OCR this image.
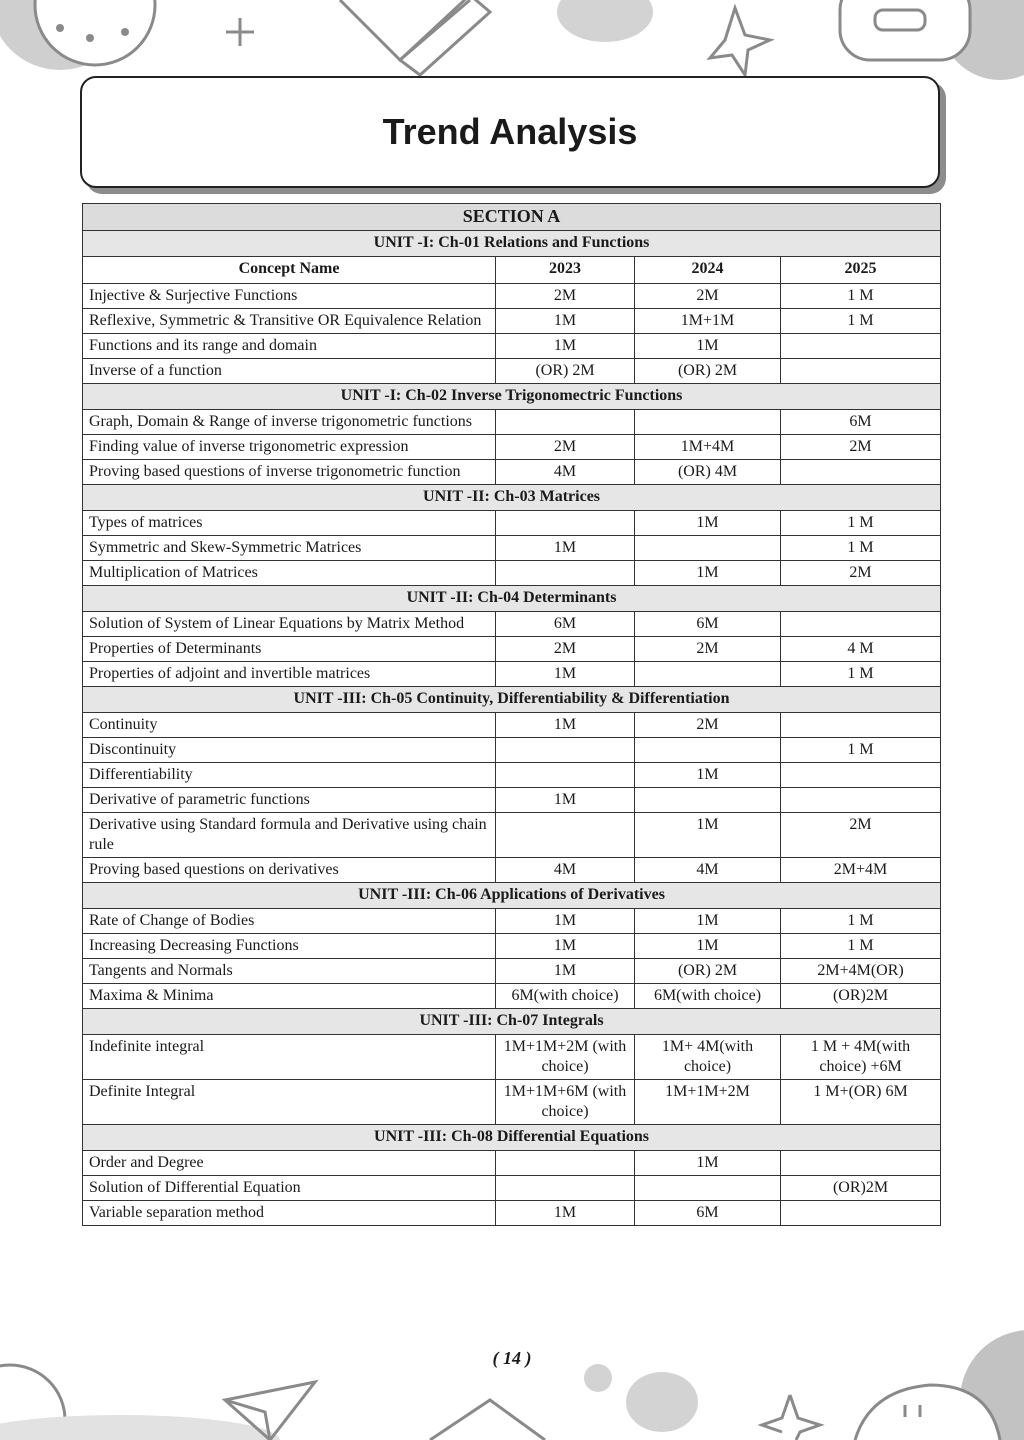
Trend Analysis
SECTION A			
UNIT -I: Ch-01 Relations and Functions			
Concept Name	2023	2024	2025
Injective & Surjective Functions	2M	2M	1 M
Reflexive, Symmetric & Transitive OR Equivalence Relation	1M	1M+1M	1 M
Functions and its range and domain	1M	1M	
Inverse of a function	(OR) 2M	(OR) 2M	
UNIT -I: Ch-02 Inverse Trigonomectric Functions			
Graph, Domain & Range of inverse trigonometric functions			6M
Finding value of inverse trigonometric expression	2M	1M+4M	2M
Proving based questions of inverse trigonometric function	4M	(OR) 4M	
UNIT -II: Ch-03 Matrices			
Types of matrices		1M	1 M
Symmetric and Skew-Symmetric Matrices	1M		1 M
Multiplication of Matrices		1M	2M
UNIT -II: Ch-04 Determinants			
Solution of System of Linear Equations by Matrix Method	6M	6M	
Properties of Determinants	2M	2M	4 M
Properties of adjoint and invertible matrices	1M		1 M
UNIT -III: Ch-05 Continuity, Differentiability & Differentiation			
Continuity	1M	2M	
Discontinuity			1 M
Differentiability		1M	
Derivative of parametric functions	1M		
Derivative using Standard formula and Derivative using chain rule		1M	2M
Proving based questions on derivatives	4M	4M	2M+4M
UNIT -III: Ch-06 Applications of Derivatives			
Rate of Change of Bodies	1M	1M	1 M
Increasing Decreasing Functions	1M	1M	1 M
Tangents and Normals	1M	(OR) 2M	2M+4M(OR)
Maxima & Minima	6M(with choice)	6M(with choice)	(OR)2M
UNIT -III: Ch-07 Integrals			
Indefinite integral	1M+1M+2M (with choice)	1M+ 4M(with choice)	1 M + 4M(with choice) +6M
Definite Integral	1M+1M+6M (with choice)	1M+1M+2M	1 M+(OR) 6M
UNIT -III: Ch-08 Differential Equations			
Order and Degree		1M	
Solution of Differential Equation			(OR)2M
Variable separation method	1M	6M	
( 14 )
